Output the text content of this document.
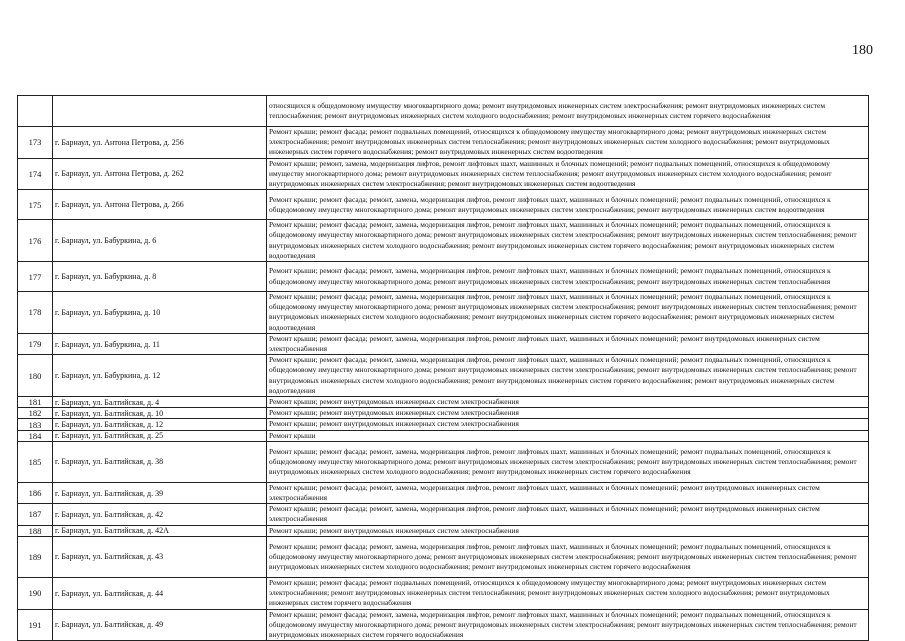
180
		относящихся к общедомовому имуществу многоквартирного дома; ремонт внутридомовых инженерных систем электроснабжения; ремонт внутридомовых инженерных систем теплоснабжения; ремонт внутридомовых инженерных систем холодного водоснабжения; ремонт внутридомовых инженерных систем горячего водоснабжения
173	г. Барнаул, ул. Антона Петрова, д. 256	Ремонт крыши; ремонт фасада; ремонт подвальных помещений, относящихся к общедомовому имуществу многоквартирного дома; ремонт внутридомовых инженерных систем электроснабжения; ремонт внутридомовых инженерных систем теплоснабжения; ремонт внутридомовых инженерных систем холодного водоснабжения; ремонт внутридомовых инженерных систем горячего водоснабжения; ремонт внутридомовых инженерных систем водоотведения
174	г. Барнаул, ул. Антона Петрова, д. 262	Ремонт крыши; ремонт, замена, модернизация лифтов, ремонт лифтовых шахт, машинных и блочных помещений; ремонт подвальных помещений, относящихся к общедомовому имуществу многоквартирного дома; ремонт внутридомовых инженерных систем теплоснабжения; ремонт внутридомовых инженерных систем холодного водоснабжения; ремонт внутридомовых инженерных систем электроснабжения; ремонт внутридомовых инженерных систем водоотведения
175	г. Барнаул, ул. Антона Петрова, д. 266	Ремонт крыши; ремонт фасада; ремонт, замена, модернизация лифтов, ремонт лифтовых шахт, машинных и блочных помещений; ремонт подвальных помещений, относящихся к общедомовому имуществу многоквартирного дома; ремонт внутридомовых инженерных систем электроснабжения; ремонт внутридомовых инженерных систем водоотведения
176	г. Барнаул, ул. Бабуркина, д. 6	Ремонт крыши; ремонт фасада; ремонт, замена, модернизация лифтов, ремонт лифтовых шахт, машинных и блочных помещений; ремонт подвальных помещений, относящихся к общедомовому имуществу многоквартирного дома; ремонт внутридомовых инженерных систем электроснабжения; ремонт внутридомовых инженерных систем теплоснабжения; ремонт внутридомовых инженерных систем холодного водоснабжения; ремонт внутридомовых инженерных систем горячего водоснабжения; ремонт внутридомовых инженерных систем водоотведения
177	г. Барнаул, ул. Бабуркина, д. 8	Ремонт крыши; ремонт фасада; ремонт, замена, модернизация лифтов, ремонт лифтовых шахт, машинных и блочных помещений; ремонт подвальных помещений, относящихся к общедомовому имуществу многоквартирного дома; ремонт внутридомовых инженерных систем электроснабжения; ремонт внутридомовых инженерных систем теплоснабжения
178	г. Барнаул, ул. Бабуркина, д. 10	Ремонт крыши; ремонт фасада; ремонт, замена, модернизация лифтов, ремонт лифтовых шахт, машинных и блочных помещений; ремонт подвальных помещений, относящихся к общедомовому имуществу многоквартирного дома; ремонт внутридомовых инженерных систем электроснабжения; ремонт внутридомовых инженерных систем теплоснабжения; ремонт внутридомовых инженерных систем холодного водоснабжения; ремонт внутридомовых инженерных систем горячего водоснабжения; ремонт внутридомовых инженерных систем водоотведения
179	г. Барнаул, ул. Бабуркина, д. 11	Ремонт крыши; ремонт фасада; ремонт, замена, модернизация лифтов, ремонт лифтовых шахт, машинных и блочных помещений; ремонт внутридомовых инженерных систем электроснабжения
180	г. Барнаул, ул. Бабуркина, д. 12	Ремонт крыши; ремонт фасада; ремонт, замена, модернизация лифтов, ремонт лифтовых шахт, машинных и блочных помещений; ремонт подвальных помещений, относящихся к общедомовому имуществу многоквартирного дома; ремонт внутридомовых инженерных систем электроснабжения; ремонт внутридомовых инженерных систем теплоснабжения; ремонт внутридомовых инженерных систем холодного водоснабжения; ремонт внутридомовых инженерных систем горячего водоснабжения; ремонт внутридомовых инженерных систем водоотведения
181	г. Барнаул, ул. Балтийская, д. 4	Ремонт крыши; ремонт внутридомовых инженерных систем электроснабжения
182	г. Барнаул, ул. Балтийская, д. 10	Ремонт крыши; ремонт внутридомовых инженерных систем электроснабжения
183	г. Барнаул, ул. Балтийская, д. 12	Ремонт крыши; ремонт внутридомовых инженерных систем электроснабжения
184	г. Барнаул, ул. Балтийская, д. 25	Ремонт крыши
185	г. Барнаул, ул. Балтийская, д. 38	Ремонт крыши; ремонт фасада; ремонт, замена, модернизация лифтов, ремонт лифтовых шахт, машинных и блочных помещений; ремонт подвальных помещений, относящихся к общедомовому имуществу многоквартирного дома; ремонт внутридомовых инженерных систем электроснабжения; ремонт внутридомовых инженерных систем теплоснабжения; ремонт внутридомовых инженерных систем холодного водоснабжения; ремонт внутридомовых инженерных систем горячего водоснабжения
186	г. Барнаул, ул. Балтийская, д. 39	Ремонт крыши; ремонт фасада; ремонт, замена, модернизация лифтов, ремонт лифтовых шахт, машинных и блочных помещений; ремонт внутридомовых инженерных систем электроснабжения
187	г. Барнаул, ул. Балтийская, д. 42	Ремонт крыши; ремонт фасада; ремонт, замена, модернизация лифтов, ремонт лифтовых шахт, машинных и блочных помещений; ремонт внутридомовых инженерных систем электроснабжения
188	г. Барнаул, ул. Балтийская, д. 42А	Ремонт крыши; ремонт внутридомовых инженерных систем электроснабжения
189	г. Барнаул, ул. Балтийская, д. 43	Ремонт крыши; ремонт фасада; ремонт, замена, модернизация лифтов, ремонт лифтовых шахт, машинных и блочных помещений; ремонт подвальных помещений, относящихся к общедомовому имуществу многоквартирного дома; ремонт внутридомовых инженерных систем электроснабжения; ремонт внутридомовых инженерных систем теплоснабжения; ремонт внутридомовых инженерных систем холодного водоснабжения; ремонт внутридомовых инженерных систем горячего водоснабжения
190	г. Барнаул, ул. Балтийская, д. 44	Ремонт крыши; ремонт фасада; ремонт подвальных помещений, относящихся к общедомовому имуществу многоквартирного дома; ремонт внутридомовых инженерных систем электроснабжения; ремонт внутридомовых инженерных систем теплоснабжения; ремонт внутридомовых инженерных систем холодного водоснабжения; ремонт внутридомовых инженерных систем горячего водоснабжения
191	г. Барнаул, ул. Балтийская, д. 49	Ремонт крыши; ремонт фасада; ремонт, замена, модернизация лифтов, ремонт лифтовых шахт, машинных и блочных помещений; ремонт подвальных помещений, относящихся к общедомовому имуществу многоквартирного дома; ремонт внутридомовых инженерных систем электроснабжения; ремонт внутридомовых инженерных систем теплоснабжения; ремонт внутридомовых инженерных систем горячего водоснабжения
